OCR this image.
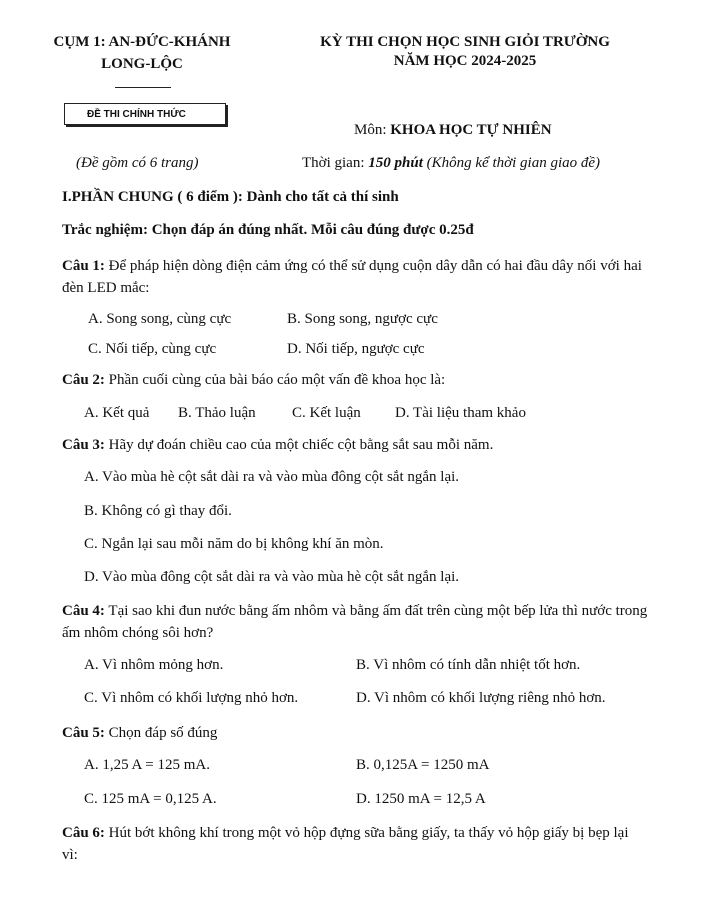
CỤM 1: AN-ĐỨC-KHÁNH
LONG-LỘC
KỲ THI CHỌN HỌC SINH GIỎI TRƯỜNG
NĂM HỌC 2024-2025
ĐỀ THI CHÍNH THỨC
Môn: KHOA HỌC TỰ NHIÊN
(Đề gồm có 6 trang)	Thời gian: 150 phút (Không kể thời gian giao đề)
I.PHẦN CHUNG ( 6 điểm ): Dành cho tất cả thí sinh
Trắc nghiệm: Chọn đáp án đúng nhất. Mỗi câu đúng được 0.25đ
Câu 1: Để pháp hiện dòng điện cảm ứng có thể sử dụng cuộn dây dẫn có hai đầu dây nối với hai đèn LED mắc:
A. Song song, cùng cực	B. Song song, ngược cực
C. Nối tiếp, cùng cực	D. Nối tiếp, ngược cực
Câu 2: Phần cuối cùng của bài báo cáo một vấn đề khoa học là:
A. Kết quả B. Thảo luận C. Kết luận D. Tài liệu tham khảo
Câu 3: Hãy dự đoán chiều cao của một chiếc cột bằng sắt sau mỗi năm.
A. Vào mùa hè cột sắt dài ra và vào mùa đông cột sắt ngắn lại.
B. Không có gì thay đổi.
C. Ngắn lại sau mỗi năm do bị không khí ăn mòn.
D. Vào mùa đông cột sắt dài ra và vào mùa hè cột sắt ngắn lại.
Câu 4: Tại sao khi đun nước bằng ấm nhôm và bằng ấm đất trên cùng một bếp lửa thì nước trong ấm nhôm chóng sôi hơn?
A. Vì nhôm mỏng hơn.	B. Vì nhôm có tính dẫn nhiệt tốt hơn.
C. Vì nhôm có khối lượng nhỏ hơn.	D. Vì nhôm có khối lượng riêng nhỏ hơn.
Câu 5: Chọn đáp số đúng
A. 1,25 A = 125 mA.	B. 0,125A = 1250 mA
C. 125 mA = 0,125 A.	D. 1250 mA = 12,5 A
Câu 6: Hút bớt không khí trong một vỏ hộp đựng sữa bằng giấy, ta thấy vỏ hộp giấy bị bẹp lại vì:
